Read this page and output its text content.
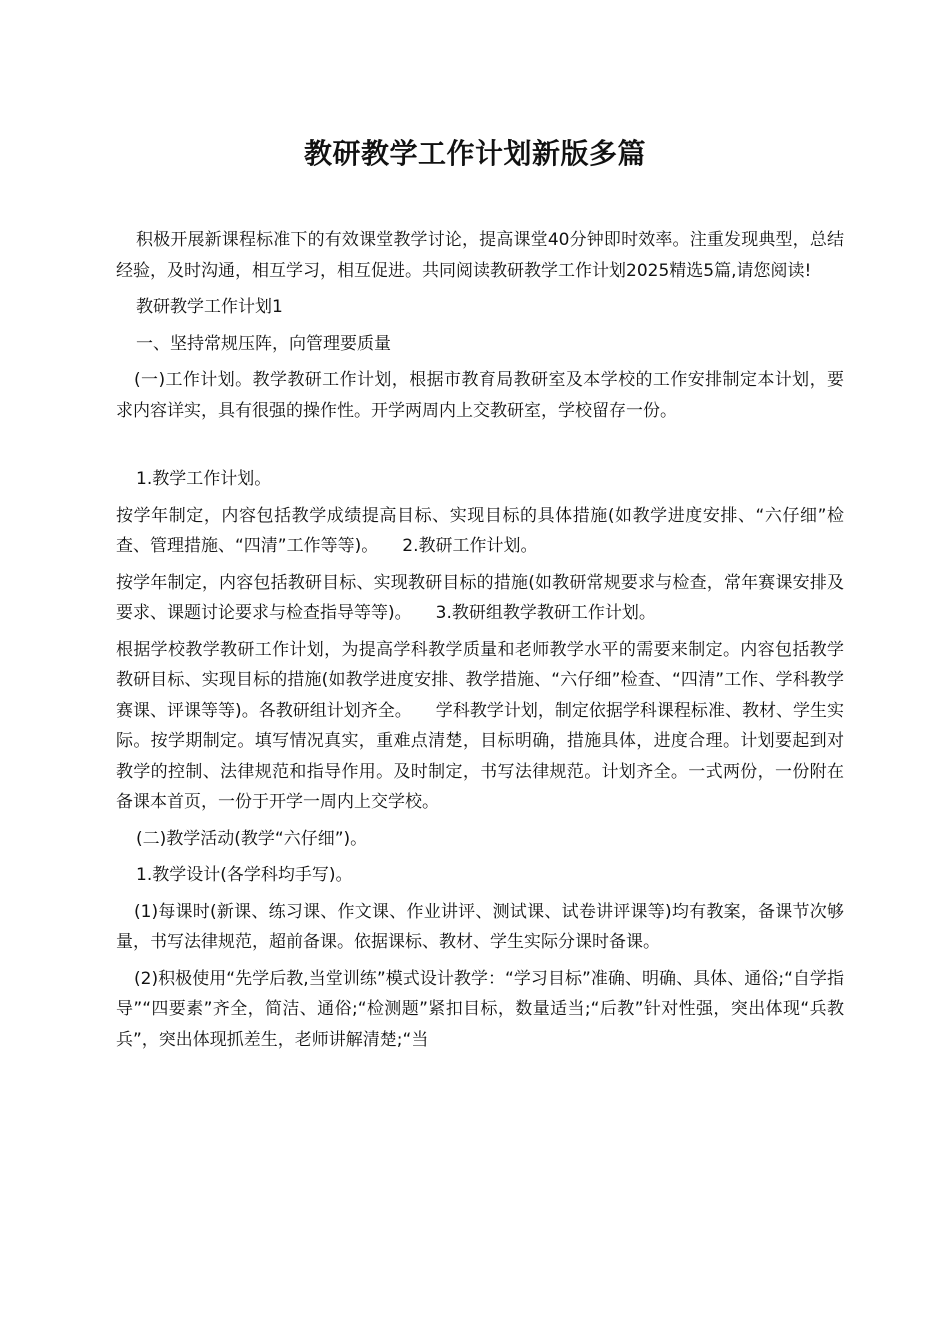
教研教学工作计划新版多篇

积极开展新课程标准下的有效课堂教学讨论，提高课堂40分钟即时效率。注重发现典型，总结经验，及时沟通，相互学习，相互促进。共同阅读教研教学工作计划2025精选5篇,请您阅读!

教研教学工作计划1

一、坚持常规压阵，向管理要质量

(一)工作计划。教学教研工作计划，根据市教育局教研室及本学校的工作安排制定本计划，要求内容详实，具有很强的操作性。开学两周内上交教研室，学校留存一份。

1.教学工作计划。

按学年制定，内容包括教学成绩提高目标、实现目标的具体措施(如教学进度安排、“六仔细”检查、管理措施、“四清”工作等等)。 2.教研工作计划。

按学年制定，内容包括教研目标、实现教研目标的措施(如教研常规要求与检查，常年赛课安排及要求、课题讨论要求与检查指导等等)。 3.教研组教学教研工作计划。

根据学校教学教研工作计划，为提高学科教学质量和老师教学水平的需要来制定。内容包括教学教研目标、实现目标的措施(如教学进度安排、教学措施、“六仔细”检查、“四清”工作、学科教学赛课、评课等等)。各教研组计划齐全。 学科教学计划，制定依据学科课程标准、教材、学生实际。按学期制定。填写情况真实，重难点清楚，目标明确，措施具体，进度合理。计划要起到对教学的控制、法律规范和指导作用。及时制定，书写法律规范。计划齐全。一式两份，一份附在备课本首页，一份于开学一周内上交学校。

(二)教学活动(教学“六仔细”)。

1.教学设计(各学科均手写)。

(1)每课时(新课、练习课、作文课、作业讲评、测试课、试卷讲评课等)均有教案，备课节次够量，书写法律规范，超前备课。依据课标、教材、学生实际分课时备课。

(2)积极使用“先学后教,当堂训练”模式设计教学：“学习目标”准确、明确、具体、通俗;“自学指导”“四要素”齐全，简洁、通俗;“检测题”紧扣目标，数量适当;“后教”针对性强，突出体现“兵教兵”，突出体现抓差生，老师讲解清楚;“当
